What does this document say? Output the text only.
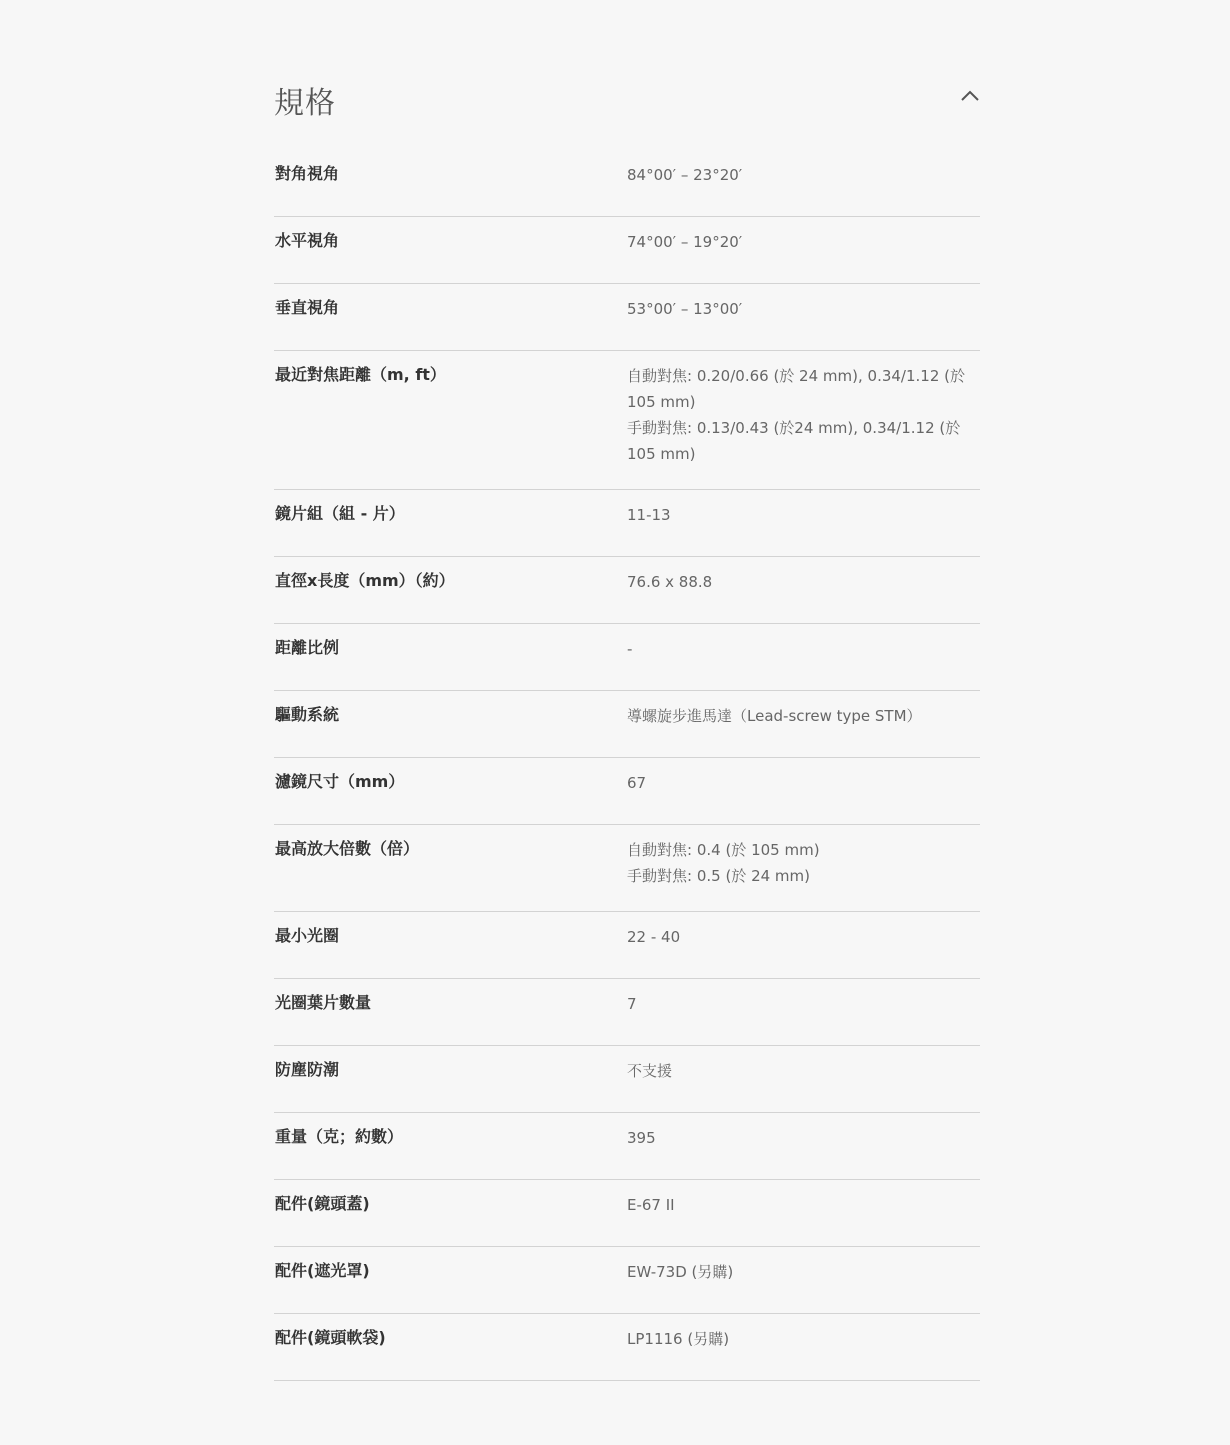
規格
對角視角	84°00′ – 23°20′
水平視角	74°00′ – 19°20′
垂直視角	53°00′ – 13°00′
最近對焦距離（m, ft）	自動對焦: 0.20/0.66 (於 24 mm), 0.34/1.12 (於 105 mm)
手動對焦: 0.13/0.43 (於24 mm), 0.34/1.12 (於105 mm)
鏡片組（組 - 片）	11-13
直徑x長度（mm）（約）	76.6 x 88.8
距離比例	-
驅動系統	導螺旋步進馬達（Lead-screw type STM）
濾鏡尺寸（mm）	67
最高放大倍數（倍）	自動對焦: 0.4 (於 105 mm)
手動對焦: 0.5 (於 24 mm)
最小光圈	22 - 40
光圈葉片數量	7
防塵防潮	不支援
重量（克；約數）	395
配件(鏡頭蓋)	E-67 II
配件(遮光罩)	EW-73D (另購)
配件(鏡頭軟袋)	LP1116 (另購)
